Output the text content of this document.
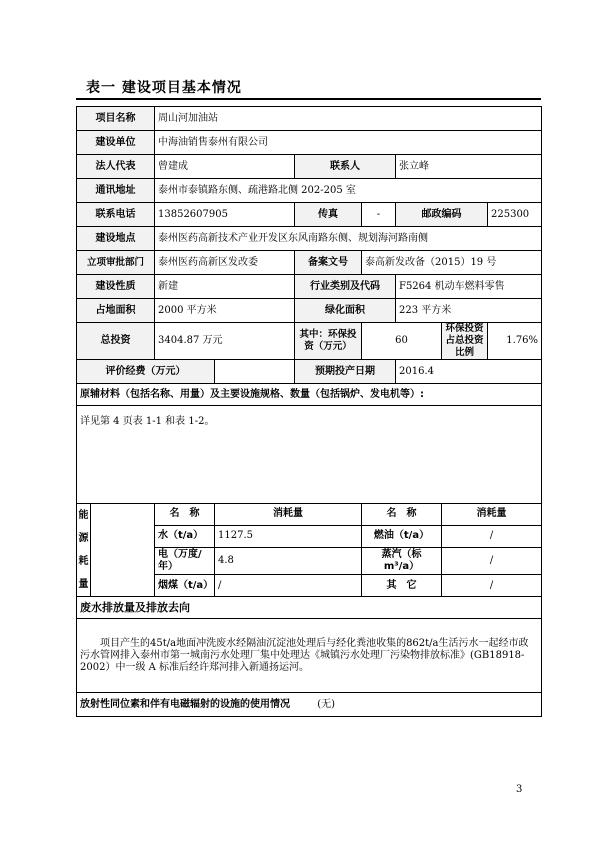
表一 建设项目基本情况
项目名称	周山河加油站						
建设单位	中海油销售泰州有限公司						
法人代表	曾建成		联系人		张立峰		
通讯地址	泰州市泰镇路东侧、疏港路北侧 202-205 室						
联系电话	13852607905		传真	-	邮政编码		225300
建设地点	泰州医药高新技术产业开发区东风南路东侧、规划海河路南侧						
立项审批部门	泰州医药高新区发改委		备案文号	泰高新发改备（2015）19 号			
建设性质	新建		行业类别及代码		F5264 机动车燃料零售		
占地面积	2000 平方米		绿化面积		223 平方米		
总投资	3404.87 万元		其中：环保投资（万元）	60		环保投资占总投资比例	1.76%
评价经费（万元）			预期投产日期		2016.4		
原辅材料（包括名称、用量）及主要设施规格、数量（包括锅炉、发电机等）:							
详见第 4 页表 1-1 和表 1-2。							

能
源
耗
量	名　称	消耗量		名　称		消耗量	
	水（t/a）	1127.5		燃油（t/a）		/	
	电（万度/年）	4.8		蒸汽（标 m³/a）		/	
	烟煤（t/a）	/		其　它		/	
废水排放量及排放去向							
项目产生的45t/a地面冲洗废水经隔油沉淀池处理后与经化粪池收集的862t/a生活污水一起经市政污水管网排入泰州市第一城南污水处理厂集中处理达《城镇污水处理厂污染物排放标准》(GB18918-2002）中一级 A 标准后经许郑河排入新通扬运河。							
放射性同位素和伴有电磁辐射的设施的使用情况 (无)							
3
